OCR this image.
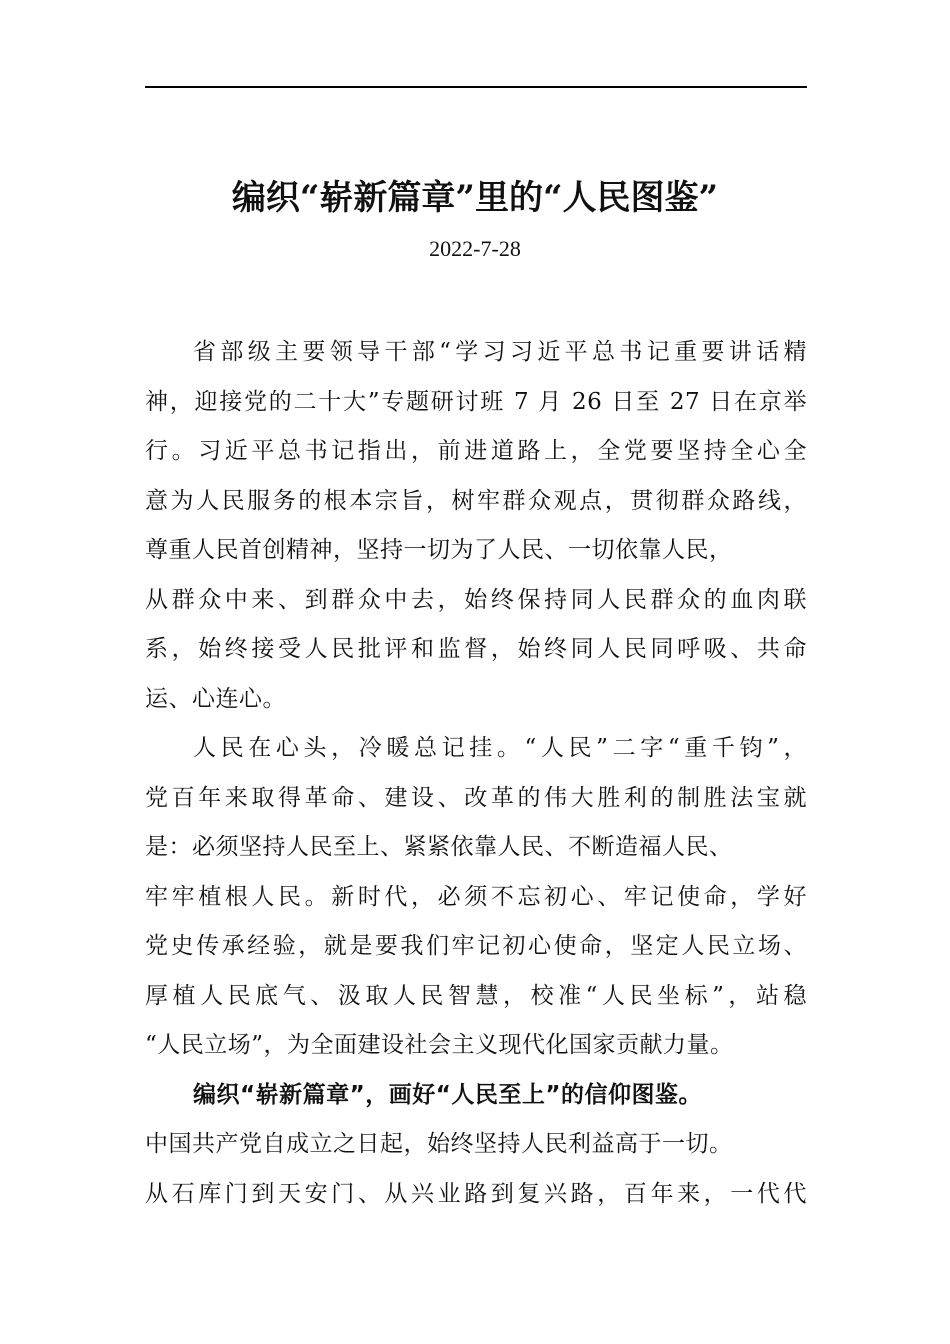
编织“崭新篇章”里的“人民图鉴”
2022-7-28
省部级主要领导干部“学习习近平总书记重要讲话精
神，迎接党的二十大”专题研讨班 7 月 26 日至 27 日在京举
行。习近平总书记指出，前进道路上，全党要坚持全心全
意为人民服务的根本宗旨，树牢群众观点，贯彻群众路线，
尊重人民首创精神，坚持一切为了人民、一切依靠人民，
从群众中来、到群众中去，始终保持同人民群众的血肉联
系，始终接受人民批评和监督，始终同人民同呼吸、共命
运、心连心。
人民在心头，冷暖总记挂。“人民”二字“重千钧”，
党百年来取得革命、建设、改革的伟大胜利的制胜法宝就
是：必须坚持人民至上、紧紧依靠人民、不断造福人民、
牢牢植根人民。新时代，必须不忘初心、牢记使命，学好
党史传承经验，就是要我们牢记初心使命，坚定人民立场、
厚植人民底气、汲取人民智慧，校准“人民坐标”，站稳
“人民立场”，为全面建设社会主义现代化国家贡献力量。
编织“崭新篇章”，画好“人民至上”的信仰图鉴。
中国共产党自成立之日起，始终坚持人民利益高于一切。
从石库门到天安门、从兴业路到复兴路，百年来，一代代
